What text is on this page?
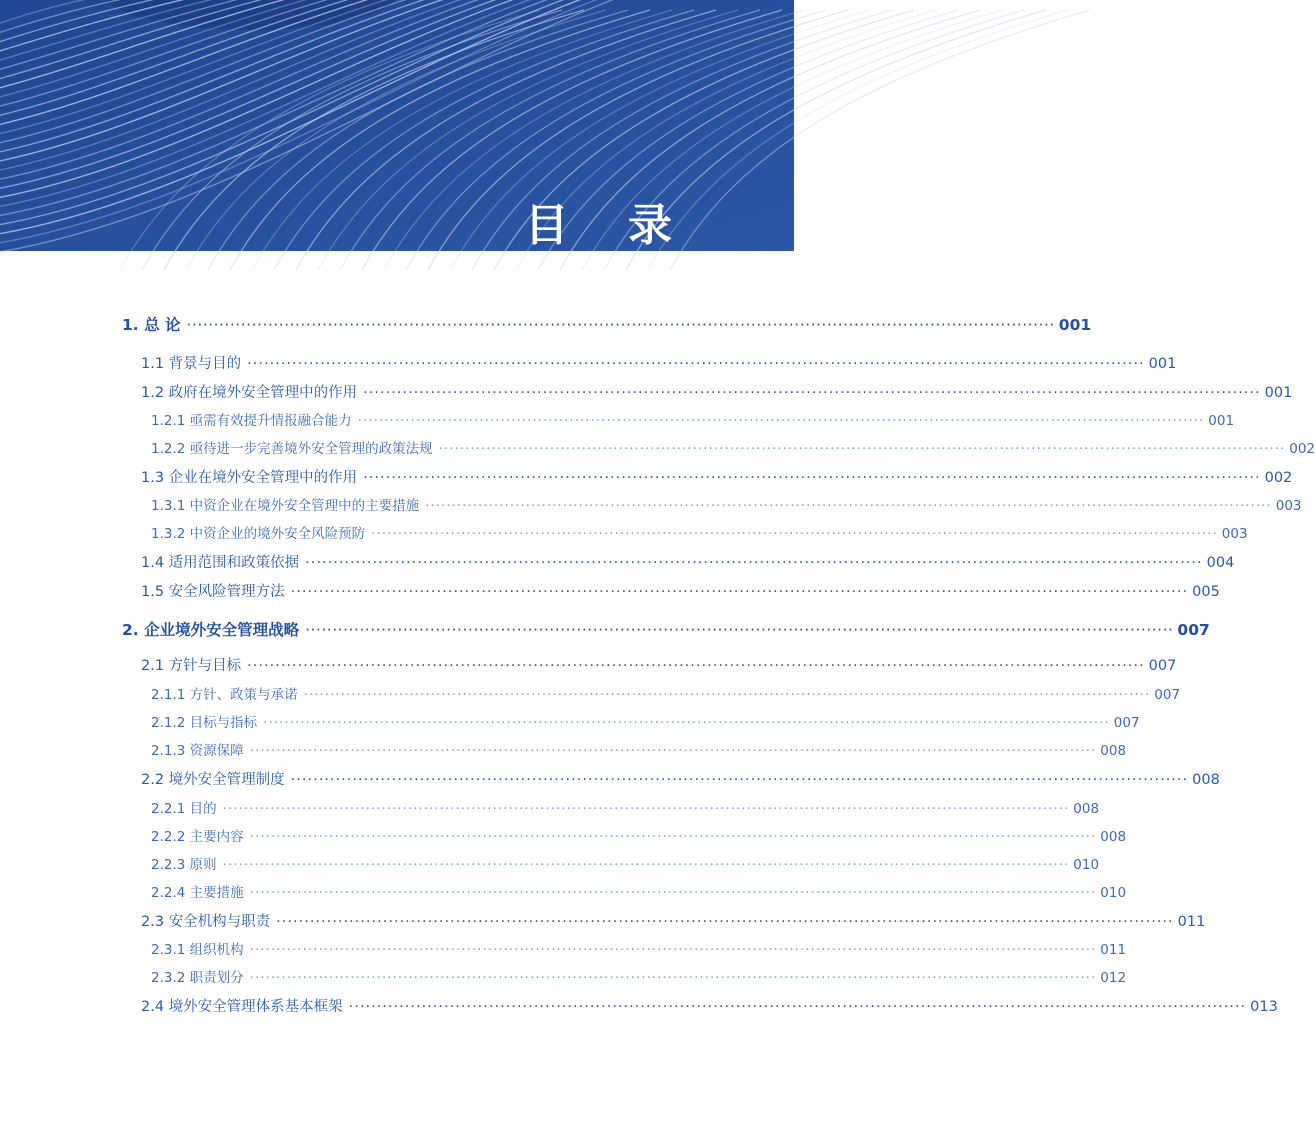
目 录
1. 总 论 ································································································································································ 001
1.1 背景与目的 ································································································································································ 001
1.2 政府在境外安全管理中的作用 ································································································································································ 001
1.2.1 亟需有效提升情报融合能力 ································································································································································ 001
1.2.2 亟待进一步完善境外安全管理的政策法规 ································································································································································ 002
1.3 企业在境外安全管理中的作用 ································································································································································ 002
1.3.1 中资企业在境外安全管理中的主要措施 ································································································································································ 003
1.3.2 中资企业的境外安全风险预防 ································································································································································ 003
1.4 适用范围和政策依据 ································································································································································ 004
1.5 安全风险管理方法 ································································································································································ 005
2. 企业境外安全管理战略 ································································································································································ 007
2.1 方针与目标 ································································································································································ 007
2.1.1 方针、政策与承诺 ································································································································································ 007
2.1.2 目标与指标 ································································································································································ 007
2.1.3 资源保障 ································································································································································ 008
2.2 境外安全管理制度 ································································································································································ 008
2.2.1 目的 ································································································································································ 008
2.2.2 主要内容 ································································································································································ 008
2.2.3 原则 ································································································································································ 010
2.2.4 主要措施 ································································································································································ 010
2.3 安全机构与职责 ································································································································································ 011
2.3.1 组织机构 ································································································································································ 011
2.3.2 职责划分 ································································································································································ 012
2.4 境外安全管理体系基本框架 ································································································································································ 013
